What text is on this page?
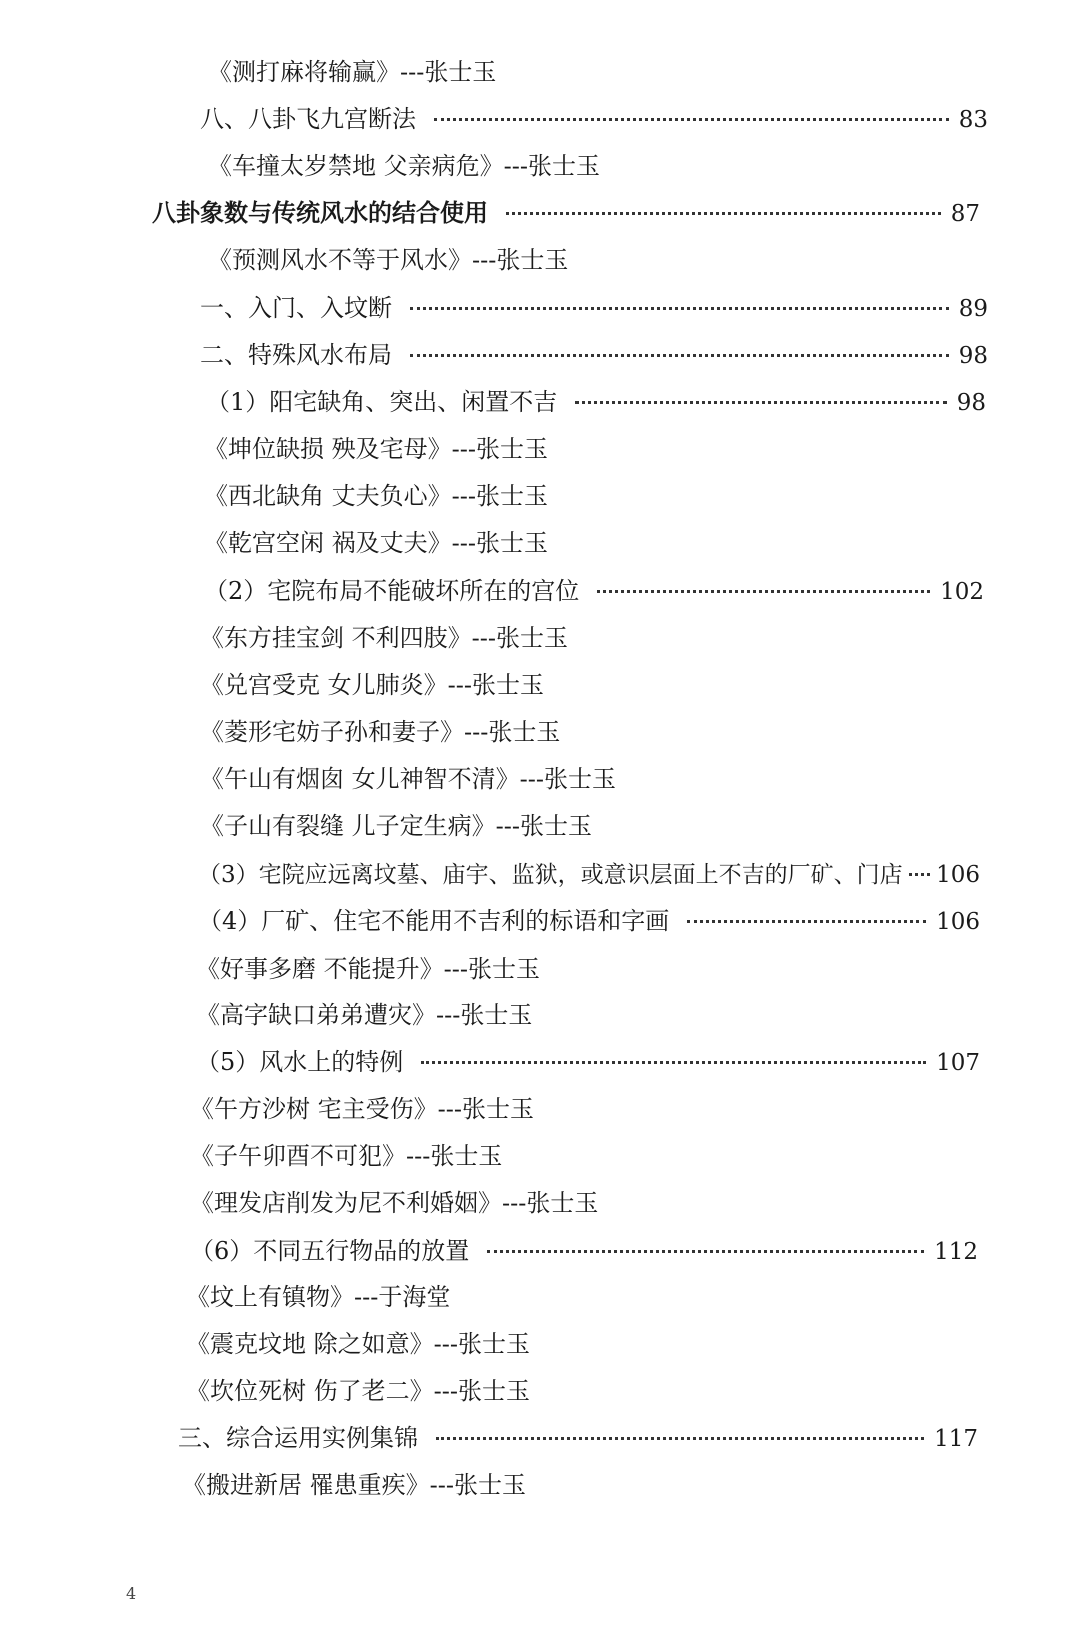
《测打麻将输赢》---张士玉
八、八卦飞九宫断法	83
《车撞太岁禁地 父亲病危》---张士玉
八卦象数与传统风水的结合使用	87
《预测风水不等于风水》---张士玉
一、入门、入坟断	89
二、特殊风水布局	98
（1）阳宅缺角、突出、闲置不吉	98
《坤位缺损 殃及宅母》---张士玉
《西北缺角 丈夫负心》---张士玉
《乾宫空闲 祸及丈夫》---张士玉
（2）宅院布局不能破坏所在的宫位	102
《东方挂宝剑 不利四肢》---张士玉
《兑宫受克 女儿肺炎》---张士玉
《菱形宅妨子孙和妻子》---张士玉
《午山有烟囱 女儿神智不清》---张士玉
《子山有裂缝 儿子定生病》---张士玉
（3）宅院应远离坟墓、庙宇、监狱，或意识层面上不吉的厂矿、门店 106
（4）厂矿、住宅不能用不吉利的标语和字画	106
《好事多磨 不能提升》---张士玉
《高字缺口弟弟遭灾》---张士玉
（5）风水上的特例	107
《午方沙树 宅主受伤》---张士玉
《子午卯酉不可犯》---张士玉
《理发店削发为尼不利婚姻》---张士玉
（6）不同五行物品的放置	112
《坟上有镇物》---于海堂
《震克坟地 除之如意》---张士玉
《坎位死树 伤了老二》---张士玉
三、综合运用实例集锦	117
《搬进新居 罹患重疾》---张士玉
4
